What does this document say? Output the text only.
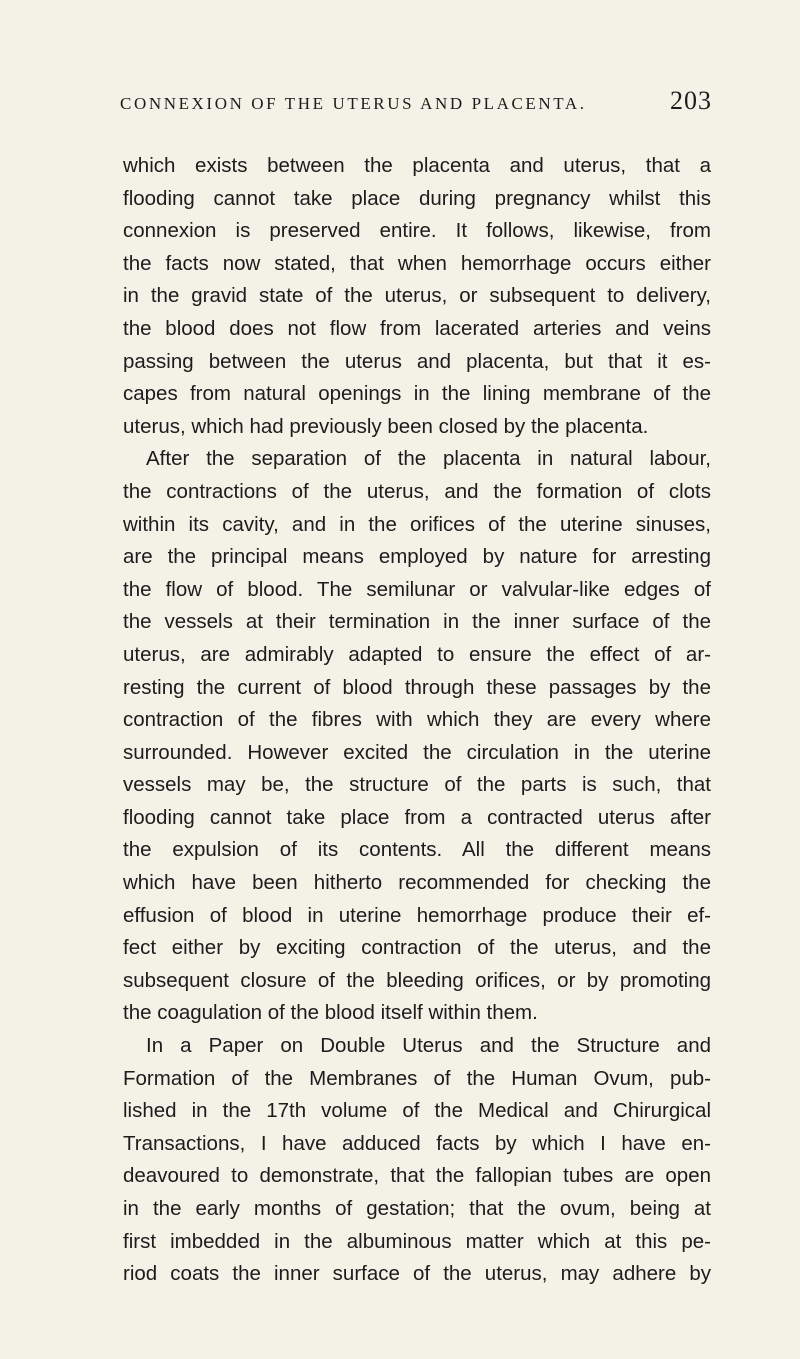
CONNEXION OF THE UTERUS AND PLACENTA.	203
which exists between the placenta and uterus, that a
flooding cannot take place during pregnancy whilst this
connexion is preserved entire. It follows, likewise, from
the facts now stated, that when hemorrhage occurs either
in the gravid state of the uterus, or subsequent to delivery,
the blood does not flow from lacerated arteries and veins
passing between the uterus and placenta, but that it es-
capes from natural openings in the lining membrane of the
uterus, which had previously been closed by the placenta.
After the separation of the placenta in natural labour,
the contractions of the uterus, and the formation of clots
within its cavity, and in the orifices of the uterine sinuses,
are the principal means employed by nature for arresting
the flow of blood. The semilunar or valvular-like edges of
the vessels at their termination in the inner surface of the
uterus, are admirably adapted to ensure the effect of ar-
resting the current of blood through these passages by the
contraction of the fibres with which they are every where
surrounded. However excited the circulation in the uterine
vessels may be, the structure of the parts is such, that
flooding cannot take place from a contracted uterus after
the expulsion of its contents. All the different means
which have been hitherto recommended for checking the
effusion of blood in uterine hemorrhage produce their ef-
fect either by exciting contraction of the uterus, and the
subsequent closure of the bleeding orifices, or by promoting
the coagulation of the blood itself within them.
In a Paper on Double Uterus and the Structure and
Formation of the Membranes of the Human Ovum, pub-
lished in the 17th volume of the Medical and Chirurgical
Transactions, I have adduced facts by which I have en-
deavoured to demonstrate, that the fallopian tubes are open
in the early months of gestation; that the ovum, being at
first imbedded in the albuminous matter which at this pe-
riod coats the inner surface of the uterus, may adhere by
